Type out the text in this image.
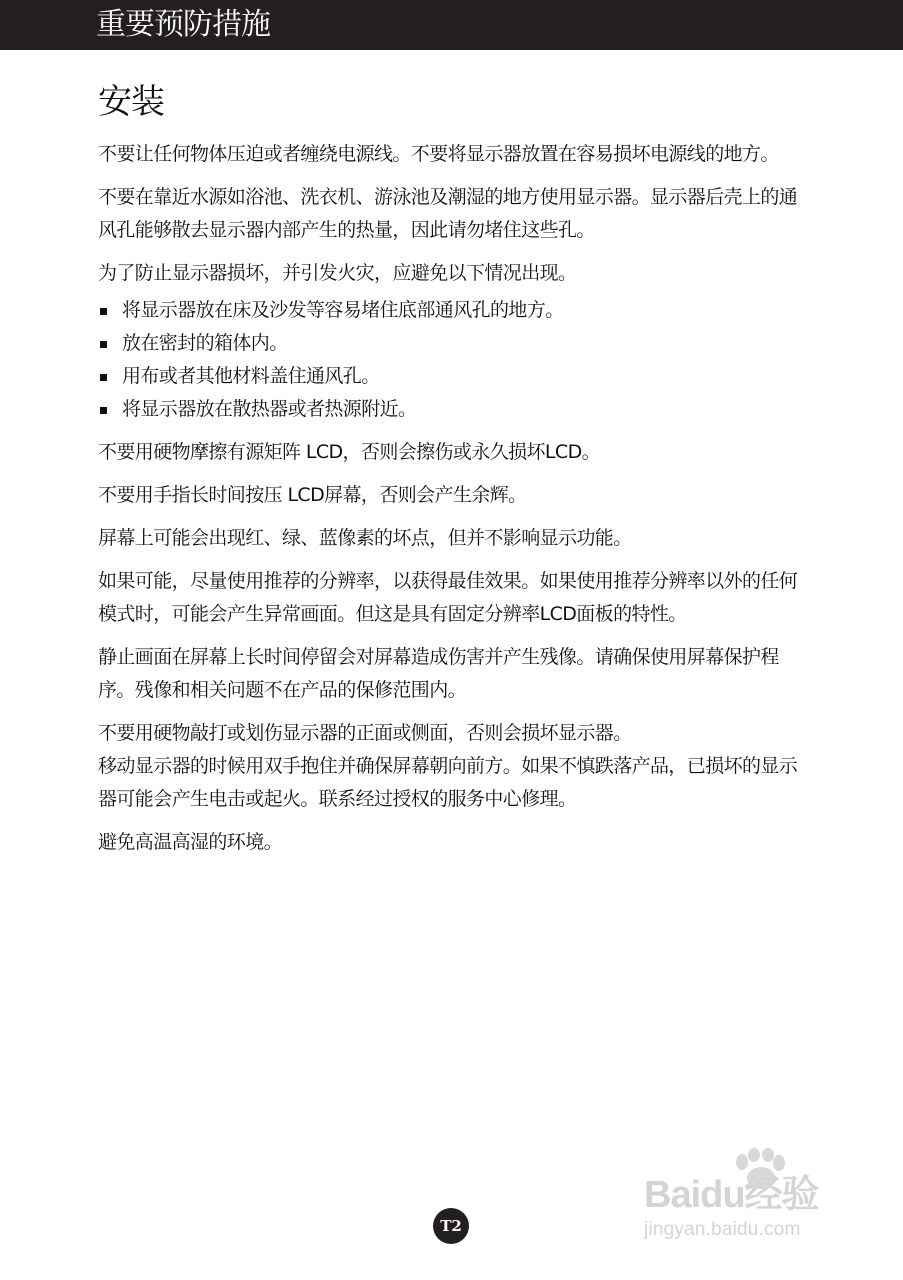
重要预防措施
安装

不要让任何物体压迫或者缠绕电源线。不要将显示器放置在容易损坏电源线的地方。

不要在靠近水源如浴池、洗衣机、游泳池及潮湿的地方使用显示器。显示器后壳上的通风孔能够散去显示器内部产生的热量，因此请勿堵住这些孔。

为了防止显示器损坏，并引发火灾，应避免以下情况出现。

将显示器放在床及沙发等容易堵住底部通风孔的地方。
放在密封的箱体内。
用布或者其他材料盖住通风孔。
将显示器放在散热器或者热源附近。

不要用硬物摩擦有源矩阵 LCD，否则会擦伤或永久损坏LCD。

不要用手指长时间按压 LCD屏幕，否则会产生余辉。

屏幕上可能会出现红、绿、蓝像素的坏点，但并不影响显示功能。

如果可能，尽量使用推荐的分辨率，以获得最佳效果。如果使用推荐分辨率以外的任何模式时，可能会产生异常画面。但这是具有固定分辨率LCD面板的特性。

静止画面在屏幕上长时间停留会对屏幕造成伤害并产生残像。请确保使用屏幕保护程序。残像和相关问题不在产品的保修范围内。

不要用硬物敲打或划伤显示器的正面或侧面，否则会损坏显示器。

移动显示器的时候用双手抱住并确保屏幕朝向前方。如果不慎跌落产品，已损坏的显示器可能会产生电击或起火。联系经过授权的服务中心修理。

避免高温高湿的环境。

T2
Baidu经验
jingyan.baidu.com
